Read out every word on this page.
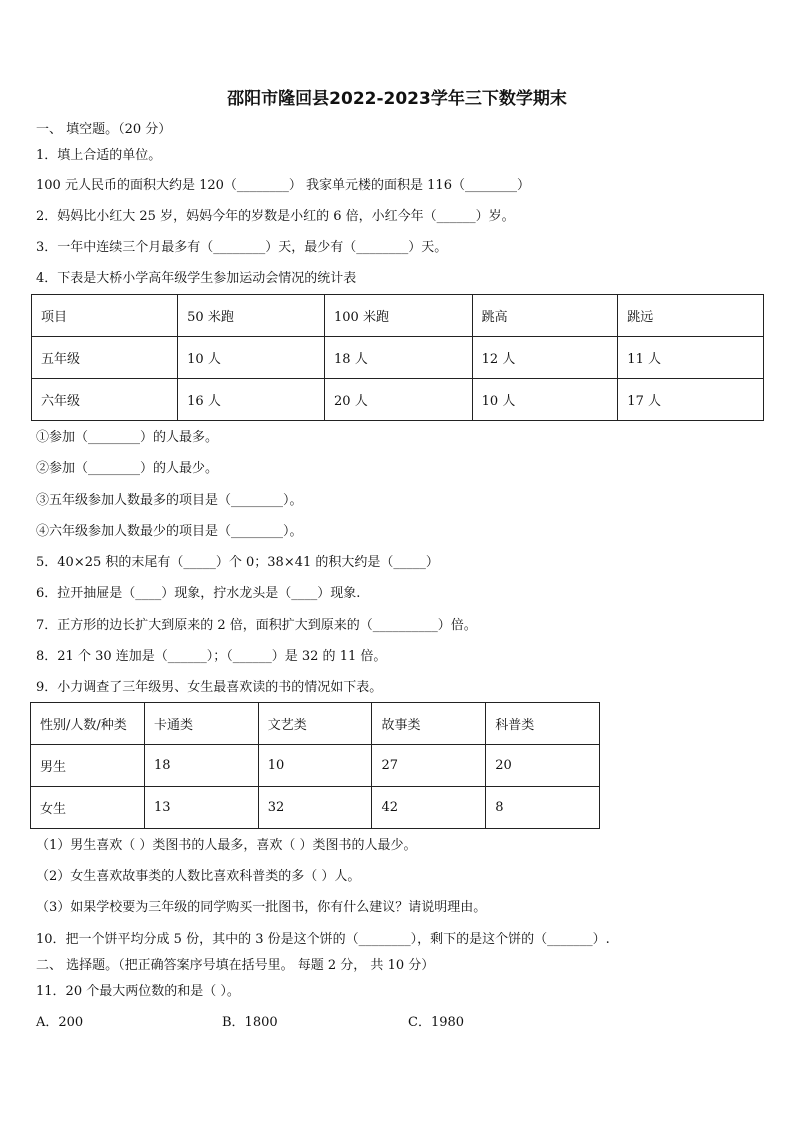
邵阳市隆回县2022-2023学年三下数学期末
一、 填空题。（20 分）
1．填上合适的单位。
100 元人民币的面积大约是 120（________） 我家单元楼的面积是 116（________）
2．妈妈比小红大 25 岁，妈妈今年的岁数是小红的 6 倍，小红今年（______）岁。
3．一年中连续三个月最多有（________）天，最少有（________）天。
4．下表是大桥小学高年级学生参加运动会情况的统计表
项目	50 米跑	100 米跑	跳高	跳远
五年级	10 人	18 人	12 人	11 人
六年级	16 人	20 人	10 人	17 人
①参加（________）的人最多。
②参加（________）的人最少。
③五年级参加人数最多的项目是（________）。
④六年级参加人数最少的项目是（________）。
5．40×25 积的末尾有（_____）个 0；38×41 的积大约是（_____）
6．拉开抽屉是（____）现象，拧水龙头是（____）现象.
7．正方形的边长扩大到原来的 2 倍，面积扩大到原来的（__________）倍。
8．21 个 30 连加是（______）；（______）是 32 的 11 倍。
9．小力调查了三年级男、女生最喜欢读的书的情况如下表。
性别/人数/种类	卡通类	文艺类	故事类	科普类
男生	18	10	27	20
女生	13	32	42	8
（1）男生喜欢（ ）类图书的人最多，喜欢（ ）类图书的人最少。
（2）女生喜欢故事类的人数比喜欢科普类的多（ ）人。
（3）如果学校要为三年级的同学购买一批图书，你有什么建议？请说明理由。
10．把一个饼平均分成 5 份，其中的 3 份是这个饼的（________），剩下的是这个饼的（_______）.
二、 选择题。（把正确答案序号填在括号里。 每题 2 分， 共 10 分）
11．20 个最大两位数的和是（ ）。
A．200	B．1800	C．1980
